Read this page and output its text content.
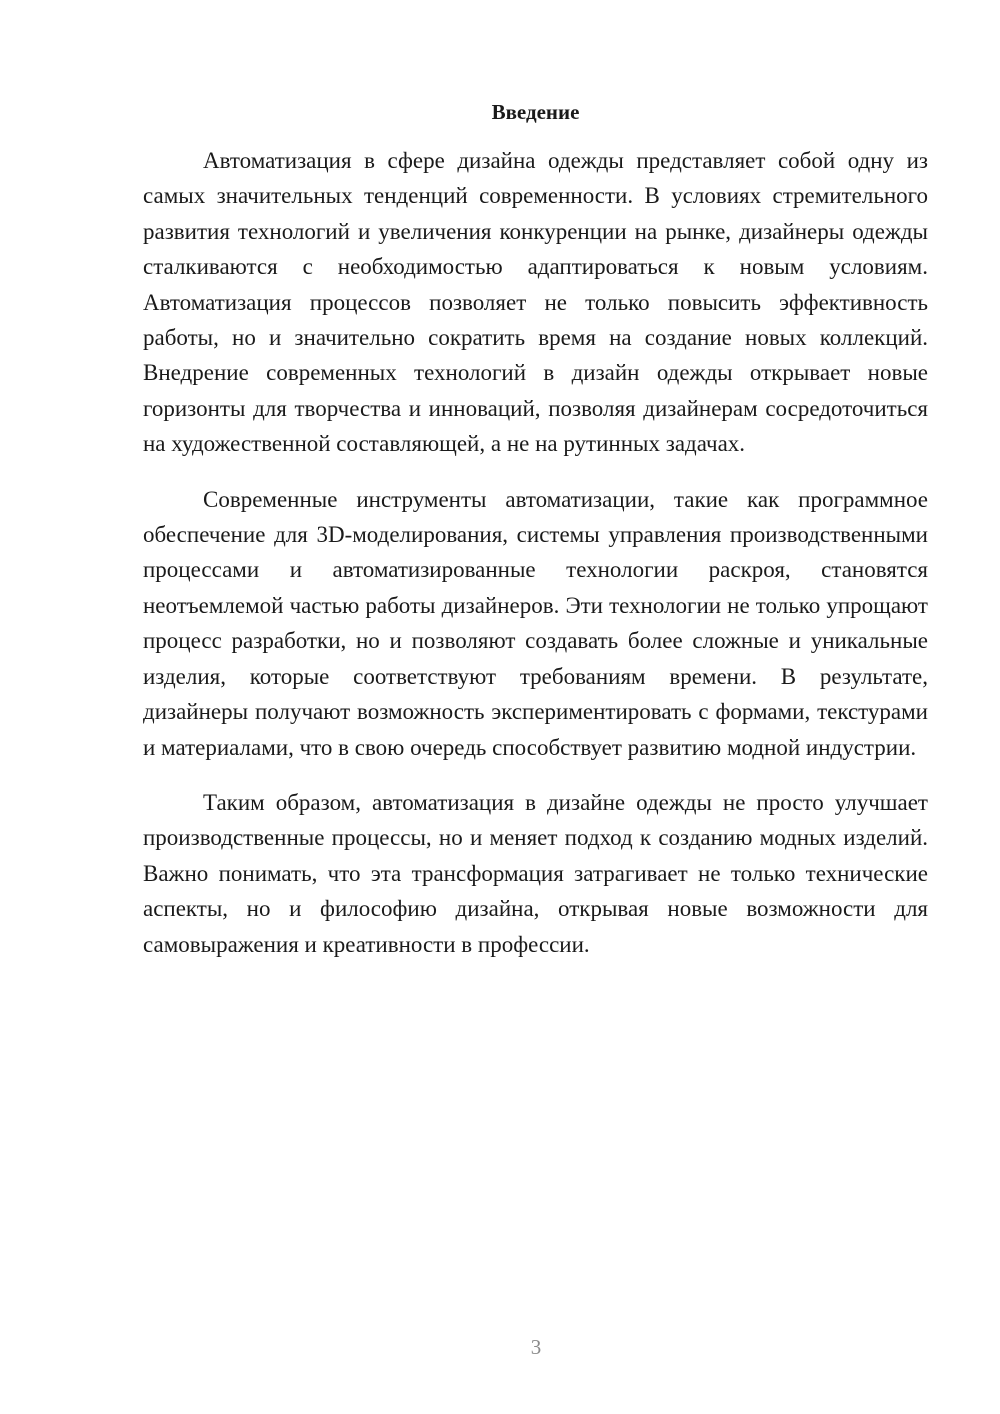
Введение

Автоматизация в сфере дизайна одежды представляет собой одну из самых значительных тенденций современности. В условиях стремительного развития технологий и увеличения конкуренции на рынке, дизайнеры одежды сталкиваются с необходимостью адаптироваться к новым условиям. Автоматизация процессов позволяет не только повысить эффективность работы, но и значительно сократить время на создание новых коллекций. Внедрение современных технологий в дизайн одежды открывает новые горизонты для творчества и инноваций, позволяя дизайнерам сосредоточиться на художественной составляющей, а не на рутинных задачах.

Современные инструменты автоматизации, такие как программное обеспечение для 3D-моделирования, системы управления производственными процессами и автоматизированные технологии раскроя, становятся неотъемлемой частью работы дизайнеров. Эти технологии не только упрощают процесс разработки, но и позволяют создавать более сложные и уникальные изделия, которые соответствуют требованиям времени. В результате, дизайнеры получают возможность экспериментировать с формами, текстурами и материалами, что в свою очередь способствует развитию модной индустрии.

Таким образом, автоматизация в дизайне одежды не просто улучшает производственные процессы, но и меняет подход к созданию модных изделий. Важно понимать, что эта трансформация затрагивает не только технические аспекты, но и философию дизайна, открывая новые возможности для самовыражения и креативности в профессии.

3
